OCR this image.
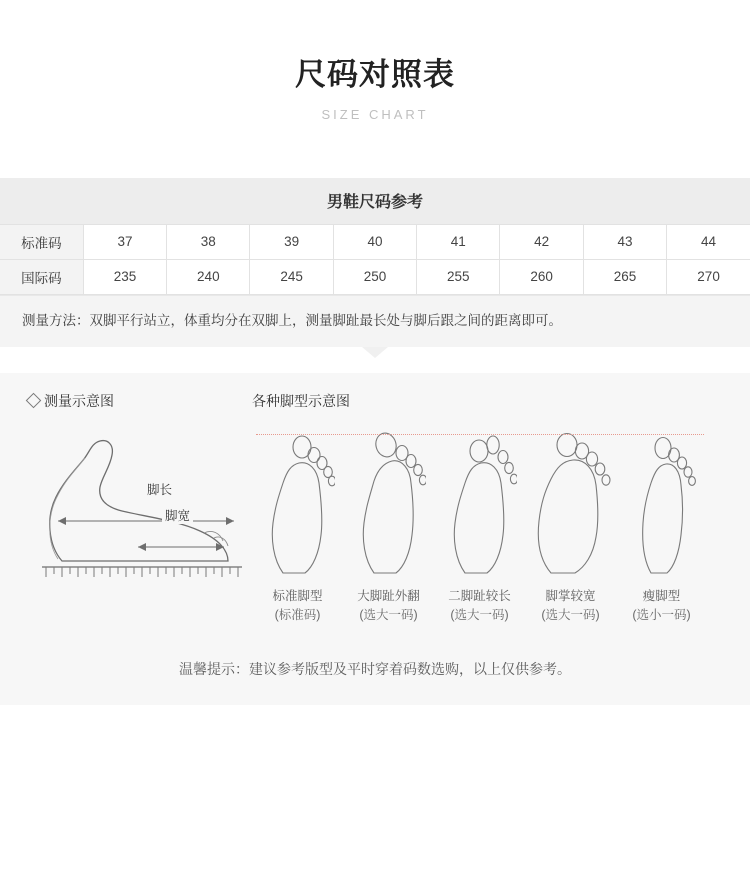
尺码对照表
SIZE CHART
男鞋尺码参考								
标准码	37	38	39	40	41	42	43	44
国际码	235	240	245	250	255	260	265	270
测量方法：双脚平行站立，体重均分在双脚上，测量脚趾最长处与脚后跟之间的距离即可。
测量示意图
脚长
脚宽
各种脚型示意图
标准脚型
(标准码)
大脚趾外翻
(选大一码)
二脚趾较长
(选大一码)
脚掌较宽
(选大一码)
瘦脚型
(选小一码)
温馨提示：建议参考版型及平时穿着码数选购，以上仅供参考。
